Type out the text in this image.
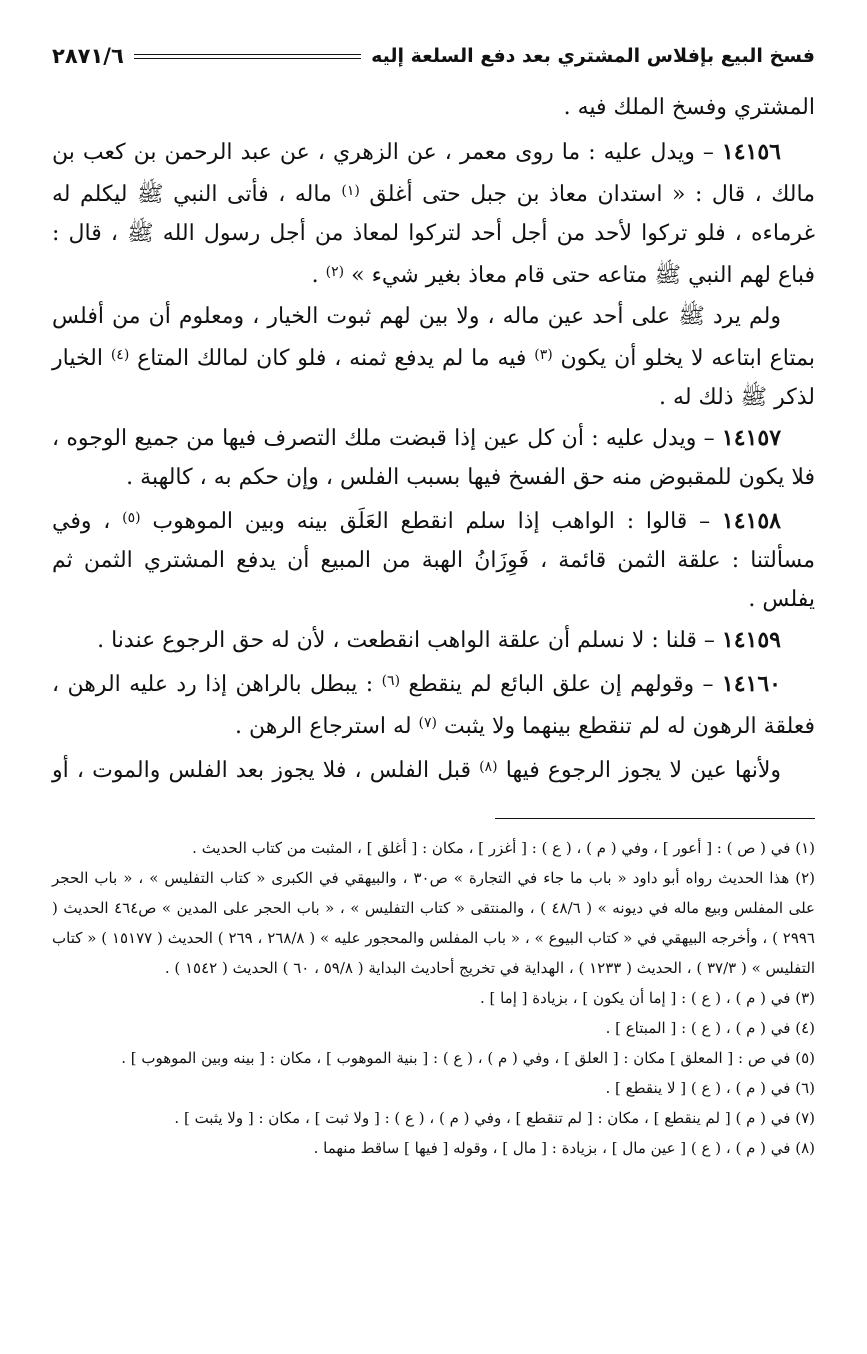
فسخ البيع بإفلاس المشتري بعد دفع السلعة إليه
٢٨٧١/٦

المشتري وفسخ الملك فيه .

١٤١٥٦ – ويدل عليه : ما روى معمر ، عن الزهري ، عن عبد الرحمن بن كعب بن مالك ، قال : « استدان معاذ بن جبل حتى أغلق $^{(١)}$ ماله ، فأتى النبي ﷺ ليكلم له غرماءه ، فلو تركوا لأحد من أجل أحد لتركوا لمعاذ من أجل رسول الله ﷺ ، قال : فباع لهم النبي ﷺ متاعه حتى قام معاذ بغير شيء » $^{(٢)}$ .

ولم يرد ﷺ على أحد عين ماله ، ولا بين لهم ثبوت الخيار ، ومعلوم أن من أفلس بمتاع ابتاعه لا يخلو أن يكون $^{(٣)}$ فيه ما لم يدفع ثمنه ، فلو كان لمالك المتاع $^{(٤)}$ الخيار لذكر ﷺ ذلك له .

١٤١٥٧ – ويدل عليه : أن كل عين إذا قبضت ملك التصرف فيها من جميع الوجوه ، فلا يكون للمقبوض منه حق الفسخ فيها بسبب الفلس ، وإن حكم به ، كالهبة .

١٤١٥٨ – قالوا : الواهب إذا سلم انقطع العَلَق بينه وبين الموهوب $^{(٥)}$ ، وفي مسألتنا : علقة الثمن قائمة ، فَوِزَانُ الهبة من المبيع أن يدفع المشتري الثمن ثم يفلس .

١٤١٥٩ – قلنا : لا نسلم أن علقة الواهب انقطعت ، لأن له حق الرجوع عندنا .

١٤١٦٠ – وقولهم إن علق البائع لم ينقطع $^{(٦)}$ : يبطل بالراهن إذا رد عليه الرهن ، فعلقة الرهون له لم تنقطع بينهما ولا يثبت $^{(٧)}$ له استرجاع الرهن .

ولأنها عين لا يجوز الرجوع فيها $^{(٨)}$ قبل الفلس ، فلا يجوز بعد الفلس والموت ، أو

(١) في ( ص ) : [ أعور ] ، وفي ( م ) ، ( ع ) : [ أغزر ] ، مكان : [ أغلق ] ، المثبت من كتاب الحديث .

(٢) هذا الحديث رواه أبو داود « باب ما جاء في التجارة » ص٣٠ ، والبيهقي في الكبرى « كتاب التفليس » ، « باب الحجر على المفلس وبيع ماله في ديونه » ( ٤٨/٦ ) ، والمنتقى « كتاب التفليس » ، « باب الحجر على المدين » ص٤٦٤ الحديث ( ٢٩٩٦ ) ، وأخرجه البيهقي في « كتاب البيوع » ، « باب المفلس والمحجور عليه » ( ٢٦٨/٨ ، ٢٦٩ ) الحديث ( ١٥١٧٧ ) « كتاب التفليس » ( ٣٧/٣ ) ، الحديث ( ١٢٣٣ ) ، الهداية في تخريج أحاديث البداية ( ٥٩/٨ ، ٦٠ ) الحديث ( ١٥٤٢ ) .

(٣) في ( م ) ، ( ع ) : [ إما أن يكون ] ، بزيادة [ إما ] .

(٤) في ( م ) ، ( ع ) : [ المبتاع ] .

(٥) في ص : [ المعلق ] مكان : [ العلق ] ، وفي ( م ) ، ( ع ) : [ بنية الموهوب ] ، مكان : [ بينه وبين الموهوب ] .

(٦) في ( م ) ، ( ع ) [ لا ينقطع ] .

(٧) في ( م ) [ لم ينقطع ] ، مكان : [ لم تنقطع ] ، وفي ( م ) ، ( ع ) : [ ولا ثبت ] ، مكان : [ ولا يثبت ] .

(٨) في ( م ) ، ( ع ) [ عين مال ] ، بزيادة : [ مال ] ، وقوله [ فيها ] ساقط منهما .
